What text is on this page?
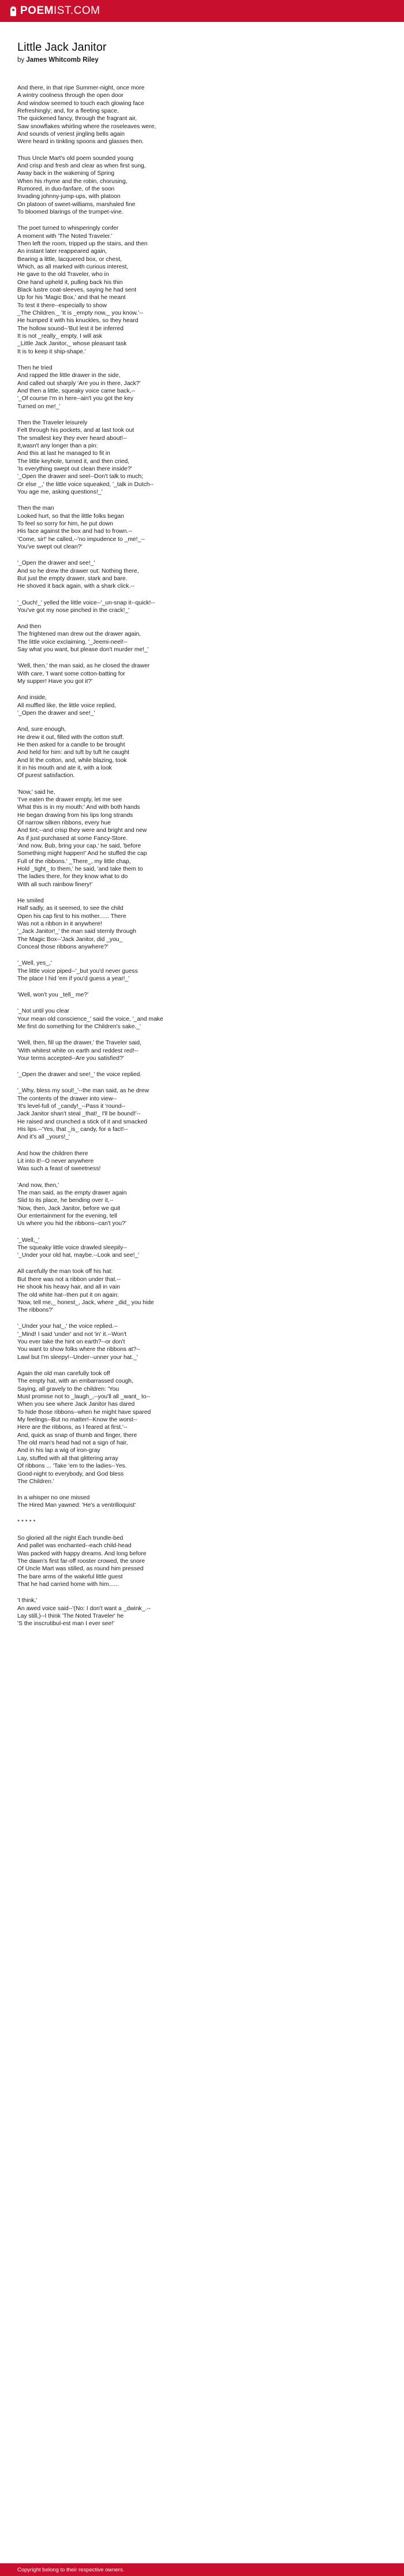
POEMIST.COM
Little Jack Janitor
by James Whitcomb Riley
And there, in that ripe Summer-night, once more
A wintry coolness through the open door
And window seemed to touch each glowing face
Refreshingly; and, for a fleeting space,
The quickened fancy, through the fragrant air,
Saw snowflakes whirling where the roseleaves were,
And sounds of veriest jingling bells again
Were heard in tinkling spoons and glasses then.
Thus Uncle Mart's old poem sounded young
And crisp and fresh and clear as when first sung,
Away back in the wakening of Spring
When his rhyme and the robin, chorusing,
Rumored, in duo-fanfare, of the soon
Invading johnny-jump-ups, with platoon
On platoon of sweet-williams, marshaled fine
To bloomed blarings of the trumpet-vine.
The poet turned to whisperingly confer
A moment with 'The Noted Traveler.'
Then left the room, tripped up the stairs, and then
An instant later reappeared again,
Bearing a little, lacquered box, or chest,
Which, as all marked with curious interest,
He gave to the old Traveler, who in
One hand upheld it, pulling back his thin
Black lustre coat-sleeves, saying he had sent
Up for his 'Magic Box,' and that he meant
To test it there--especially to show
_The Children._ 'It is _empty now,_ you know.'--
He humped it with his knuckles, so they heard
The hollow sound--'But lest it be inferred
It is not _really_ empty, I will ask
_Little Jack Janitor,_ whose pleasant task
It is to keep it ship-shape.'
Then he tried
And rapped the little drawer in the side,
And called out sharply 'Are you in there, Jack?'
And then a little, squeaky voice came back,--
'_Of course I'm in here--ain't you got the key
Turned on me!_'
Then the Traveler leisurely
Felt through his pockets, and at last took out
The smallest key they ever heard about!--
It,wasn't any longer than a pin:
And this at last he managed to fit in
The little keyhole, turned it, and then cried,
'Is everything swept out clean there inside?'
'_Open the drawer and seel--Don't talk to much;
Or else _,' the little voice squeaked, '_talk in Dutch--
You age me, asking questions!_'
Then the man
Looked hurt, so that the little folks began
To feel so sorry for him, he put down
His face against the box and had to frown.--
'Come, sir!' he called,--'no impudence to _me!_--
You've swept out clean?'
'_Open the drawer and see!_'
And so he drew the drawer out: Nothing there,
But just the empty drawer, stark and bare.
He shoved it back again, with a shark click.--
'_Ouch!_' yelled the little voice--'_un-snap it--quick!--
You've got my nose pinched in the crack!_'
And then
The frightened man drew out the drawer again,
The little voice exclaiming, '_Jeemi-neel!--
Say what you want, but please don't murder me!_'
'Well, then,' the man said, as he closed the drawer
With care, 'I want some cotton-batting for
My supper! Have you got it?'
And inside,
All muffled like, the little voice replied,
'_Open the drawer and see!_'
And, sure enough,
He drew it out, filled with the cotton stuff.
He then asked for a candle to be brought
And held for him: and tuft by tuft he caught
And lit the cotton, and, while blazing, took
It in his mouth and ate it, with a look
Of purest satisfaction.
'Now,' said he,
'I've eaten the drawer empty, let me see
What this is in my mouth:' And with both hands
He began drawing from his lips long strands
Of narrow silken ribbons, every hue
And tint;--and crisp they were and bright and new
As if just purchased at some Fancy-Store.
'And now, Bub, bring your cap,' he said, 'before
Something might happen!' And he stuffed the cap
Full of the ribbons.' _There_, my little chap,
Hold _tight_ to them,' he said, 'and take them to
The ladies there, for they know what to do
With all such rainbow finery!'
He smiled
Half sadly, as it seemed, to see the child
Open his cap first to his mother...... There
Was not a ribbon in it anywhere!
'_Jack Janitor!_' the man said sternly through
The Magic Box--'Jack Janitor, did _you_
Conceal those ribbons anywhere?'
'_Well, yes_,'
The little voice piped--'_but you'd never guess
The place I hid 'em if you'd guess a year!_'
'Well, won't you _tell_ me?'
'_Not until you clear
Your mean old conscience_' said the voice, '_and make
Me first do something for the Children's sake._'
'Well, then, fill up the drawer,' the Traveler said,
'With whitest white on earth and reddest red!--
Your terms accepted--Are you satisfied?'
'_Open the drawer and see!_' the voice replied.
'_Why, bless my soul!_'--the man said, as he drew
The contents of the drawer into view--
'It's level-full of _candy!_--Pass it 'round--
Jack Janitor shan't steal _that!_ I'll be bound!'--
He raised and crunched a stick of it and smacked
His lips.--'Yes, that _is_ candy, for a fact!--
And it's all _yours!_'
And how the children there
Lit into it!--O never anywhere
Was such a feast of sweetness!
'And now, then,'
The man said, as the empty drawer again
Slid to its place, he bending over it,--
'Now, then, Jack Janitor, before we quit
Our entertainment for the evening, tell
Us where you hid the ribbons--can't you?'
'_Well,_'
The squeaky little voice drawled sleepily--
'_Under your old hat, maybe.--Look and see!_'
All carefully the man took off his hat:
But there was not a ribbon under that.--
He shook his heavy hair, and all in vain
The old white hat--then put it on again:
'Now, tell me,_ honest_, Jack, where _did_ you hide
The ribbons?'
'_Under your hat_,' the voice replied.--
'_Mind! I said 'under' and not 'in' it.--Won't
You ever take the hint on earth?--or don't
You want to show folks where the ribbons at?--
Lawl but I'm sleepy!--Under--unner your hat._'
Again the old man carefully took off
The empty hat, with an embarrassed cough,
Saying, all gravely to the children: 'You
Must promise not to _laugh_,--you'll all _want_ to--
When you see where Jack Janitor has dared
To hide those ribbons--when he might have spared
My feelings--But no matter!--Know the worst--
Here are the ribbons, as I feared at first.'--
And, quick as snap of thumb and finger, there
The old man's head had not a sign of hair,
And in his lap a wig of iron-gray
Lay, stuffed with all that glittering array
Of ribbons ... 'Take 'em to the ladies--Yes.
Good-night to everybody, and God bless
The Children.'
In a whisper no one missed
The Hired Man yawned: 'He's a ventrilloquist'
* * * * *
So gloried all the night Each trundle-bed
And pallet was enchanted--each child-head
Was packed with happy dreams. And long before
The dawn's first far-off rooster crowed, the snore
Of Uncle Mart was stilled, as round him pressed
The bare arms of the wakeful little guest
That he had carried home with him......
'I think,'
An awed voice said--'(No: I don't want a _dwink_.--
Lay still,)--I think 'The Noted Traveler' he
'S the inscrutibul-est man I ever see!'
Copyright belong to their respective owners.
